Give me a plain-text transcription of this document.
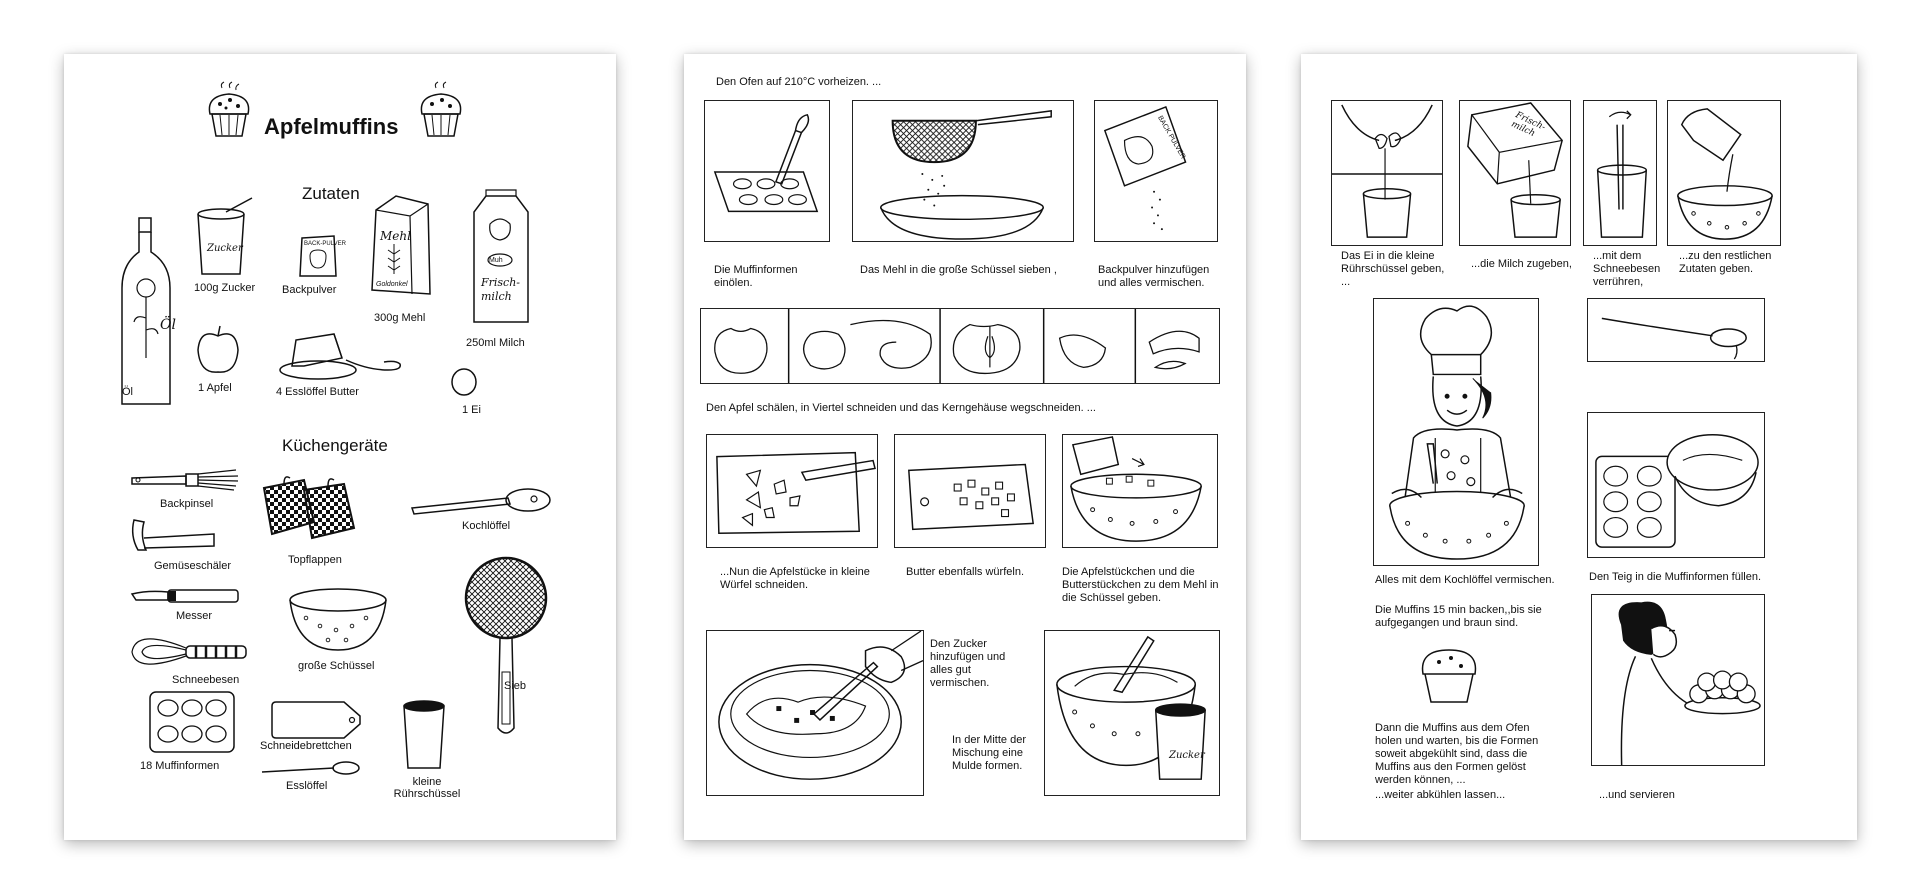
Apfelmuffins
Zutaten
Öl
Öl
Zucker
100g Zucker
BACK-PULVER
Backpulver
Mehl
Goldonkel
300g Mehl
Muh
Frisch-milch
250ml Milch
1 Apfel	4 Esslöffel Butter
1 Ei
Küchengeräte
Backpinsel
Topflappen
Kochlöffel
Gemüseschäler
Messer
Sieb
Schneebesen
große Schüssel
18 Muffinformen
Schneidebrettchen
Esslöffel	kleine
Rührschüssel
Den Ofen auf 210°C vorheizen. ...
Die Muffinformen einölen.
Das Mehl in die große Schüssel sieben ,
BACK PULVER
Backpulver hinzufügen und alles vermischen.
Den Apfel schälen, in Viertel schneiden und das Kerngehäuse wegschneiden. ...
...Nun die Apfelstücke in kleine Würfel schneiden.
Butter ebenfalls würfeln.	Die Apfelstückchen und die Butterstückchen zu dem Mehl in die Schüssel geben.
Den Zucker hinzufügen und alles gut vermischen.
In der Mitte der Mischung eine Mulde formen.
Zucker
Das Ei in die kleine Rührschüssel geben, ...
Frisch-milch
...die Milch zugeben,
...mit dem Schneebesen verrühren,
...zu den restlichen Zutaten geben.
Alles mit dem Kochlöffel vermischen.	Den Teig in die Muffinformen füllen.
Die Muffins 15 min backen,,bis sie aufgegangen und braun sind.
Dann die Muffins aus dem Ofen holen und warten, bis die Formen soweit abgekühlt sind, dass die Muffins aus den Formen gelöst werden können, ...
...weiter abkühlen lassen...	...und servieren
